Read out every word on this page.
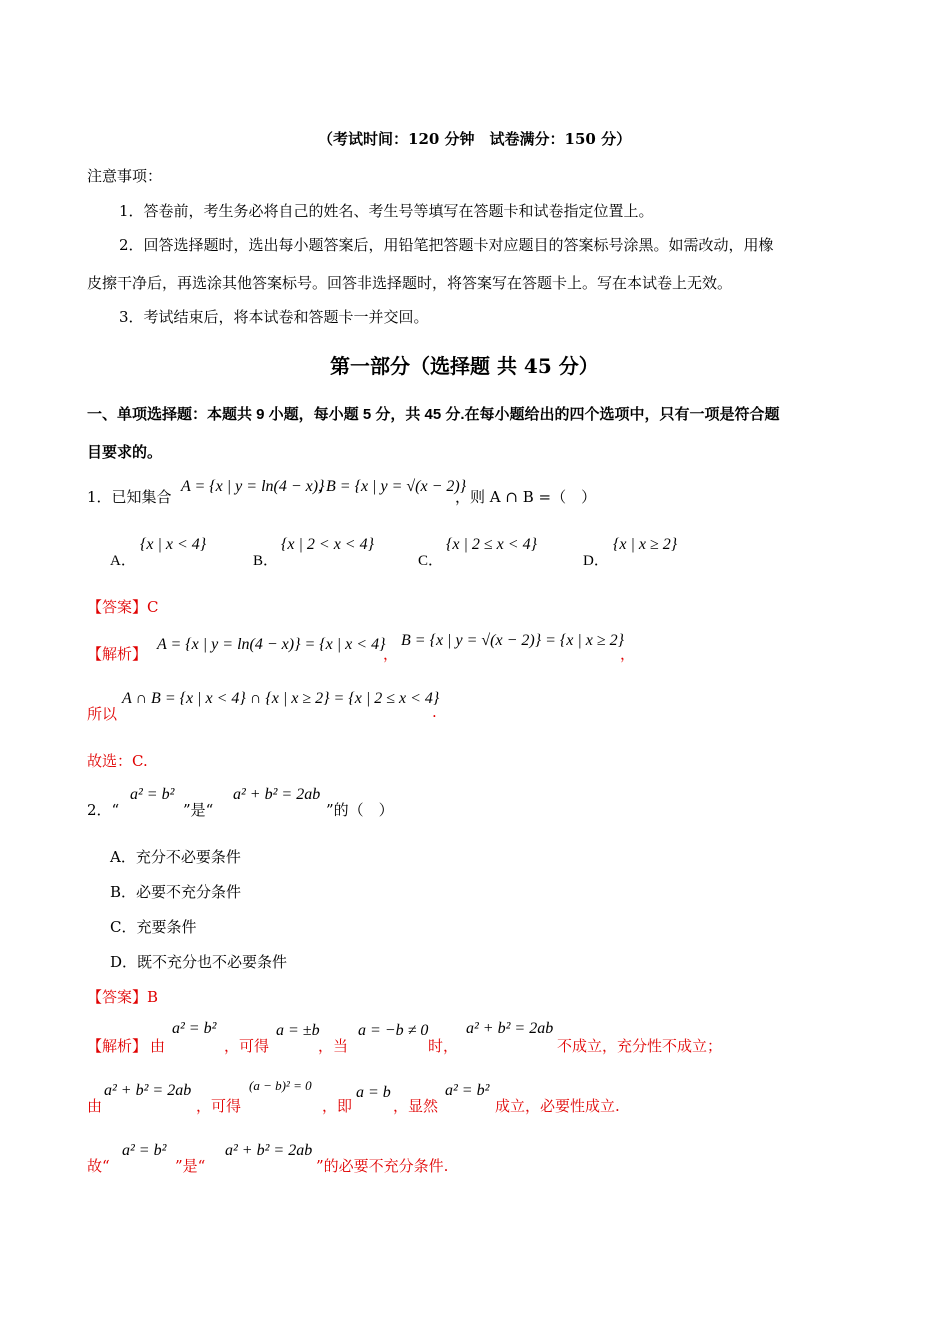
（考试时间：120 分钟　试卷满分：150 分）
注意事项：
1．答卷前，考生务必将自己的姓名、考生号等填写在答题卡和试卷指定位置上。
2．回答选择题时，选出每小题答案后，用铅笔把答题卡对应题目的答案标号涂黑。如需改动，用橡
皮擦干净后，再选涂其他答案标号。回答非选择题时，将答案写在答题卡上。写在本试卷上无效。
3．考试结束后，将本试卷和答题卡一并交回。
第一部分（选择题 共 45 分）
一、单项选择题：本题共 9 小题，每小题 5 分，共 45 分.在每小题给出的四个选项中，只有一项是符合题
目要求的。
1．已知集合
A = {x | y = ln(4 − x)}
, B = {x | y = √(x − 2)}
，则 A ∩ B =（　）
A．
{x | x < 4}
B．
{x | 2 < x < 4}
C．
{x | 2 ≤ x < 4}
D．
{x | x ≥ 2}
【答案】C
【解析】
A = {x | y = ln(4 − x)} = {x | x < 4}
，
B = {x | y = √(x − 2)} = {x | x ≥ 2}
，
所以
A ∩ B = {x | x < 4} ∩ {x | x ≥ 2} = {x | 2 ≤ x < 4}
.
故选：C.
2．“
a² = b²
”是“
a² + b² = 2ab
”的（　）
A．充分不必要条件
B．必要不充分条件
C．充要条件
D．既不充分也不必要条件
【答案】B
【解析】 由
a² = b²
，可得
a = ±b
，当
a = −b ≠ 0
时，
a² + b² = 2ab
不成立，充分性不成立；
由
a² + b² = 2ab
，可得
(a − b)² = 0
，即
a = b
，显然
a² = b²
成立，必要性成立.
故“
a² = b²
”是“
a² + b² = 2ab
”的必要不充分条件.
